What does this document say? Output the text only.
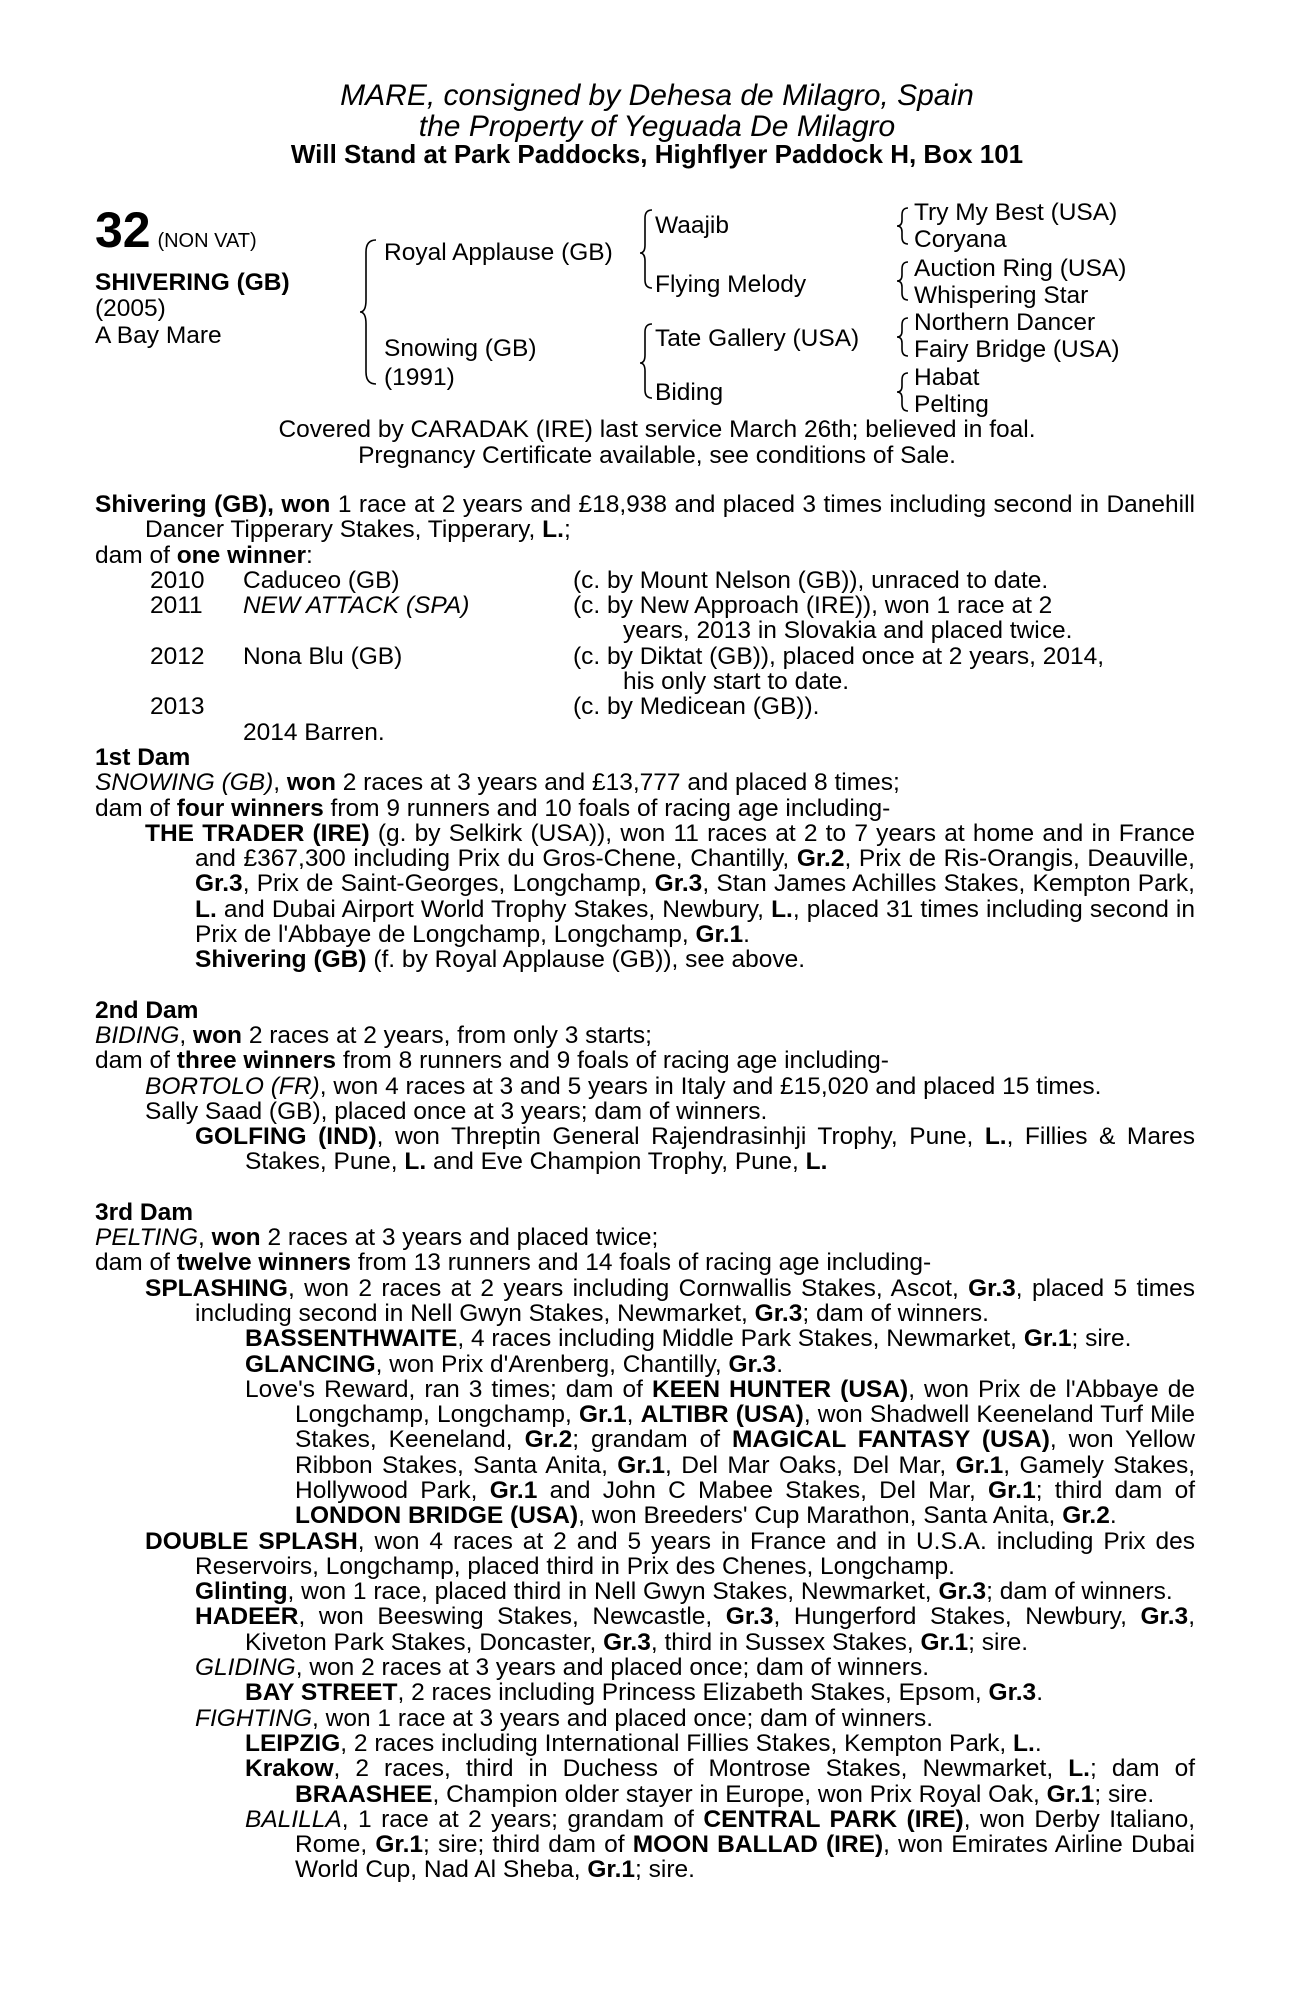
MARE, consigned by Dehesa de Milagro, Spain
the Property of Yeguada De Milagro
Will Stand at Park Paddocks, Highflyer Paddock H, Box 101
32 (NON VAT)
SHIVERING (GB)
(2005)
A Bay Mare
Royal Applause (GB)
Snowing (GB)
(1991)
Waajib
Flying Melody
Tate Gallery (USA)
Biding
Try My Best (USA)
Coryana
Auction Ring (USA)
Whispering Star
Northern Dancer
Fairy Bridge (USA)
Habat
Pelting
Covered by CARADAK (IRE) last service March 26th; believed in foal.
Pregnancy Certificate available, see conditions of Sale.

Shivering (GB), won 1 race at 2 years and £18,938 and placed 3 times including second in Danehill Dancer Tipperary Stakes, Tipperary, L.;

dam of one winner:

2010 Caduceo (GB)	(c. by Mount Nelson (GB)), unraced to date.
2011 NEW ATTACK (SPA)	(c. by New Approach (IRE)), won 1 race at 2
years, 2013 in Slovakia and placed twice.
2012 Nona Blu (GB)	(c. by Diktat (GB)), placed once at 2 years, 2014,
his only start to date.
2013	(c. by Medicean (GB)).
2014 Barren.

1st Dam

SNOWING (GB), won 2 races at 3 years and £13,777 and placed 8 times;

dam of four winners from 9 runners and 10 foals of racing age including-

THE TRADER (IRE) (g. by Selkirk (USA)), won 11 races at 2 to 7 years at home and in France and £367,300 including Prix du Gros-Chene, Chantilly, Gr.2, Prix de Ris-Orangis, Deauville, Gr.3, Prix de Saint-Georges, Longchamp, Gr.3, Stan James Achilles Stakes, Kempton Park, L. and Dubai Airport World Trophy Stakes, Newbury, L., placed 31 times including second in Prix de l'Abbaye de Longchamp, Longchamp, Gr.1.

Shivering (GB) (f. by Royal Applause (GB)), see above.

2nd Dam

BIDING, won 2 races at 2 years, from only 3 starts;

dam of three winners from 8 runners and 9 foals of racing age including-

BORTOLO (FR), won 4 races at 3 and 5 years in Italy and £15,020 and placed 15 times.

Sally Saad (GB), placed once at 3 years; dam of winners.

GOLFING (IND), won Threptin General Rajendrasinhji Trophy, Pune, L., Fillies & Mares Stakes, Pune, L. and Eve Champion Trophy, Pune, L.

3rd Dam

PELTING, won 2 races at 3 years and placed twice;

dam of twelve winners from 13 runners and 14 foals of racing age including-

SPLASHING, won 2 races at 2 years including Cornwallis Stakes, Ascot, Gr.3, placed 5 times including second in Nell Gwyn Stakes, Newmarket, Gr.3; dam of winners.

BASSENTHWAITE, 4 races including Middle Park Stakes, Newmarket, Gr.1; sire.

GLANCING, won Prix d'Arenberg, Chantilly, Gr.3.

Love's Reward, ran 3 times; dam of KEEN HUNTER (USA), won Prix de l'Abbaye de Longchamp, Longchamp, Gr.1, ALTIBR (USA), won Shadwell Keeneland Turf Mile Stakes, Keeneland, Gr.2; grandam of MAGICAL FANTASY (USA), won Yellow Ribbon Stakes, Santa Anita, Gr.1, Del Mar Oaks, Del Mar, Gr.1, Gamely Stakes, Hollywood Park, Gr.1 and John C Mabee Stakes, Del Mar, Gr.1; third dam of LONDON BRIDGE (USA), won Breeders' Cup Marathon, Santa Anita, Gr.2.

DOUBLE SPLASH, won 4 races at 2 and 5 years in France and in U.S.A. including Prix des Reservoirs, Longchamp, placed third in Prix des Chenes, Longchamp.

Glinting, won 1 race, placed third in Nell Gwyn Stakes, Newmarket, Gr.3; dam of winners.

HADEER, won Beeswing Stakes, Newcastle, Gr.3, Hungerford Stakes, Newbury, Gr.3, Kiveton Park Stakes, Doncaster, Gr.3, third in Sussex Stakes, Gr.1; sire.

GLIDING, won 2 races at 3 years and placed once; dam of winners.

BAY STREET, 2 races including Princess Elizabeth Stakes, Epsom, Gr.3.

FIGHTING, won 1 race at 3 years and placed once; dam of winners.

LEIPZIG, 2 races including International Fillies Stakes, Kempton Park, L..

Krakow, 2 races, third in Duchess of Montrose Stakes, Newmarket, L.; dam of BRAASHEE, Champion older stayer in Europe, won Prix Royal Oak, Gr.1; sire.

BALILLA, 1 race at 2 years; grandam of CENTRAL PARK (IRE), won Derby Italiano, Rome, Gr.1; sire; third dam of MOON BALLAD (IRE), won Emirates Airline Dubai World Cup, Nad Al Sheba, Gr.1; sire.
